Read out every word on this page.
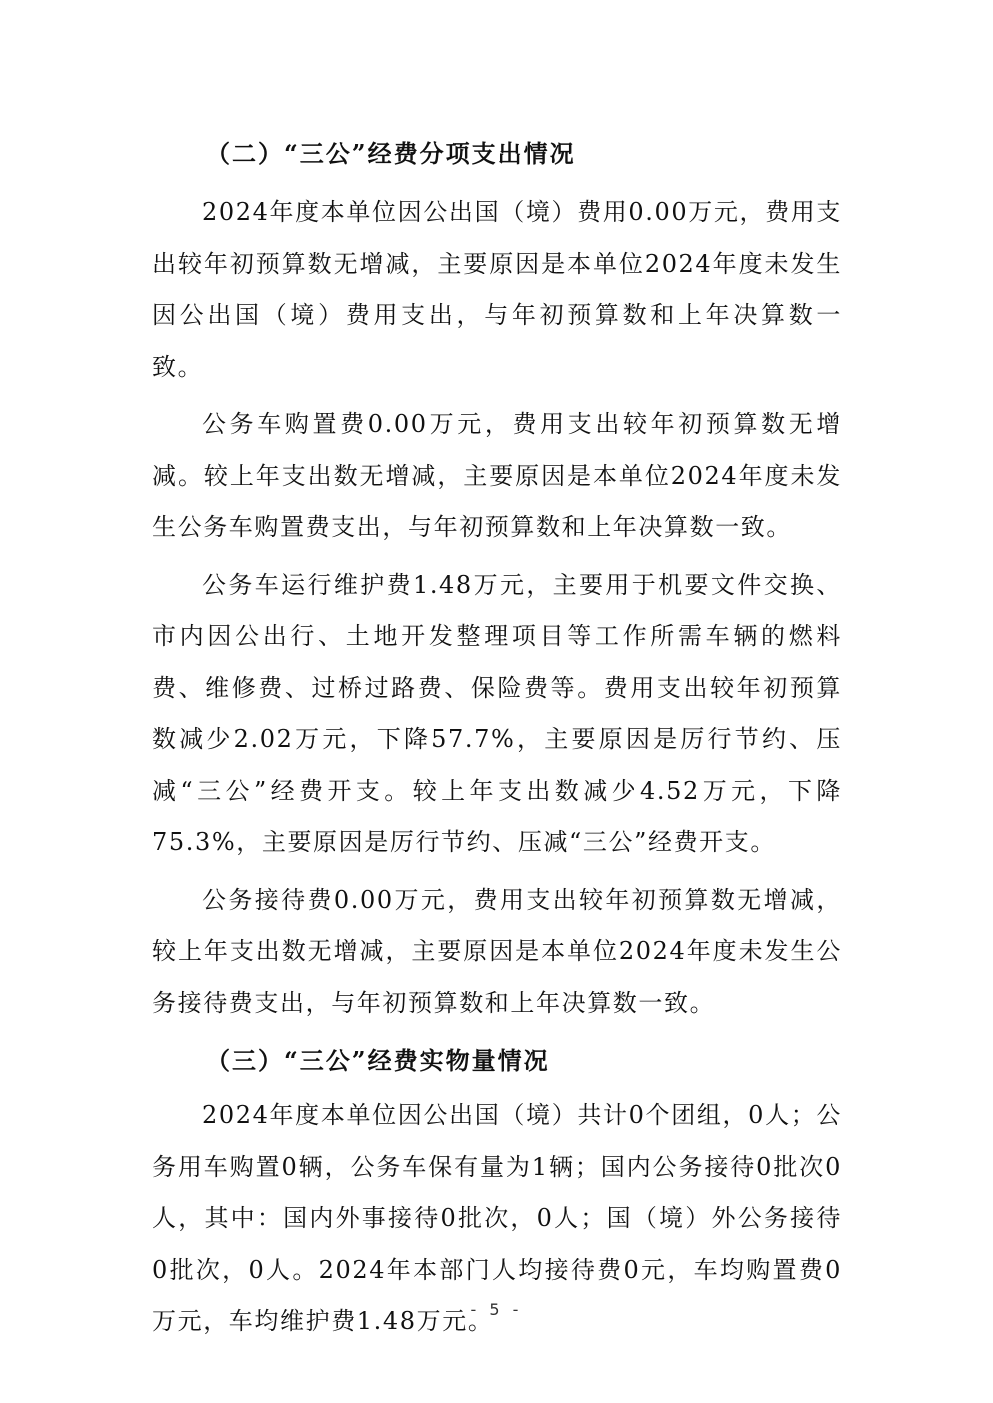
（二）“三公”经费分项支出情况

2024年度本单位因公出国（境）费用0.00万元，费用支出较年初预算数无增减，主要原因是本单位2024年度未发生因公出国（境）费用支出，与年初预算数和上年决算数一致。

公务车购置费0.00万元，费用支出较年初预算数无增减。较上年支出数无增减，主要原因是本单位2024年度未发生公务车购置费支出，与年初预算数和上年决算数一致。

公务车运行维护费1.48万元，主要用于机要文件交换、市内因公出行、土地开发整理项目等工作所需车辆的燃料费、维修费、过桥过路费、保险费等。费用支出较年初预算数减少2.02万元，下降57.7%，主要原因是厉行节约、压减“三公”经费开支。较上年支出数减少4.52万元，下降75.3%，主要原因是厉行节约、压减“三公”经费开支。

公务接待费0.00万元，费用支出较年初预算数无增减，较上年支出数无增减，主要原因是本单位2024年度未发生公务接待费支出，与年初预算数和上年决算数一致。

（三）“三公”经费实物量情况

2024年度本单位因公出国（境）共计0个团组，0人；公务用车购置0辆，公务车保有量为1辆；国内公务接待0批次0人，其中：国内外事接待0批次，0人；国（境）外公务接待0批次，0人。2024年本部门人均接待费0元，车均购置费0万元，车均维护费1.48万元。

- 5 -
